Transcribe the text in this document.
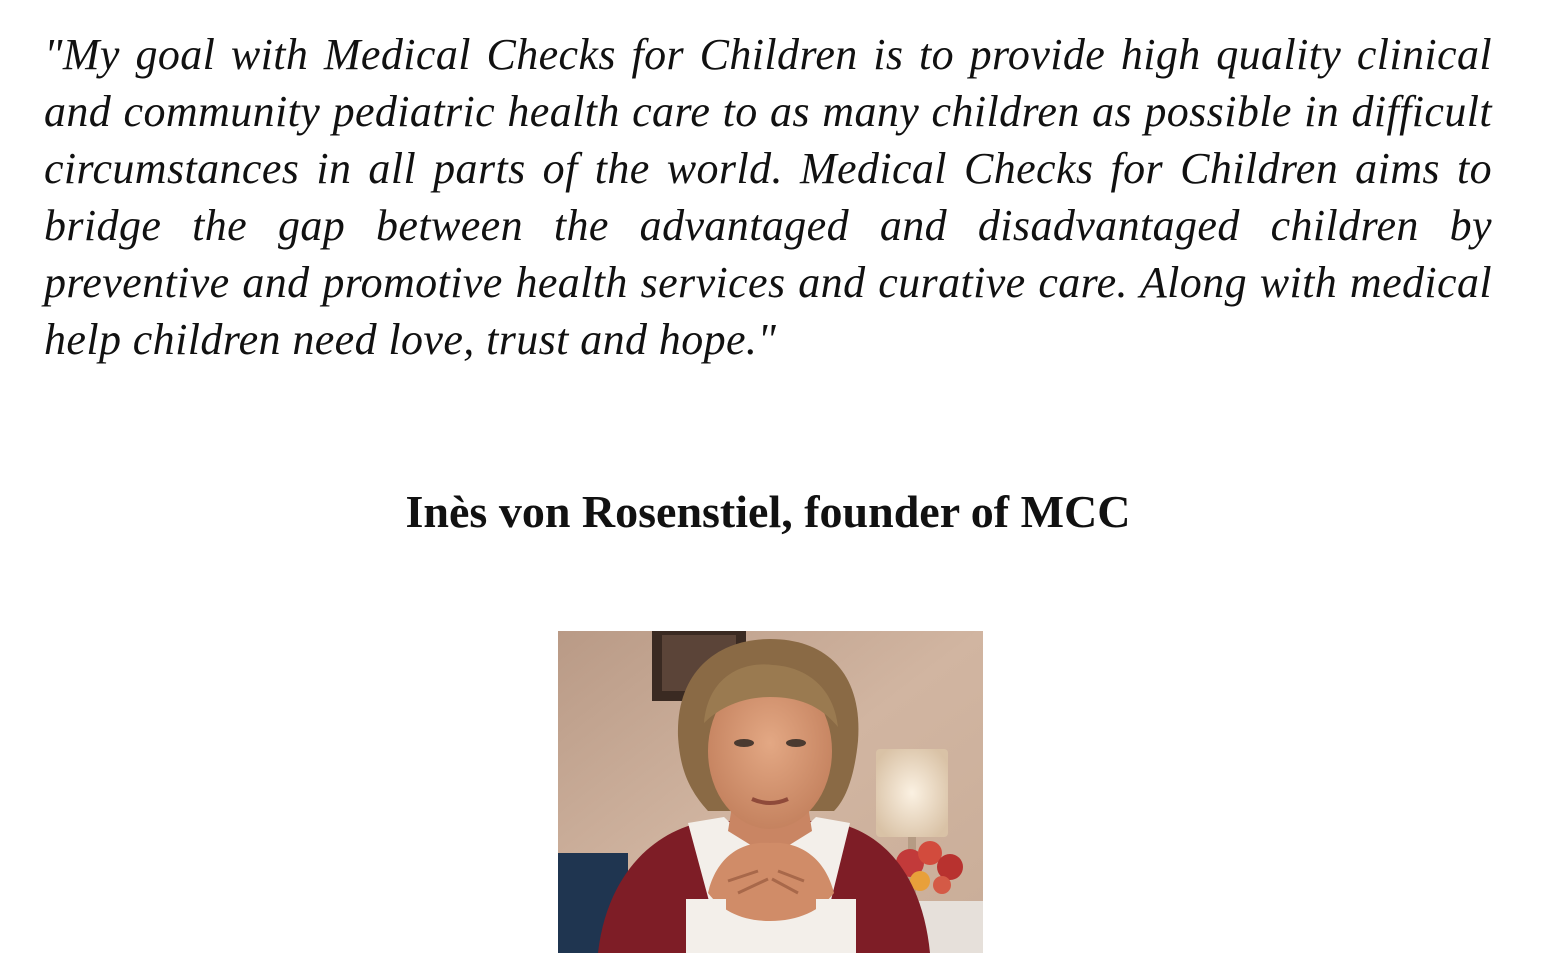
"My goal with Medical Checks for Children is to provide high quality clinical and community pediatric health care to as many children as possible in difficult circumstances in all parts of the world. Medical Checks for Children aims to bridge the gap between the advantaged and disadvantaged children by preventive and promotive health services and curative care. Along with medical help children need love, trust and hope."

Inès von Rosenstiel, founder of MCC
